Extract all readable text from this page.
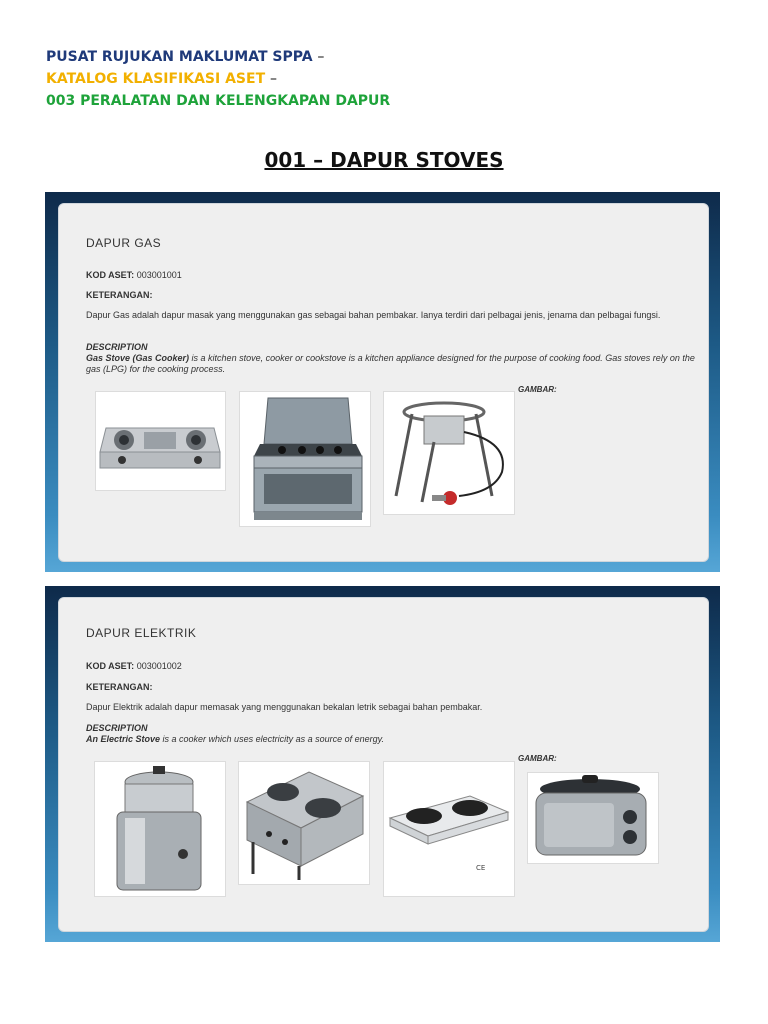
PUSAT RUJUKAN MAKLUMAT SPPA –
KATALOG KLASIFIKASI ASET –
003 PERALATAN DAN KELENGKAPAN DAPUR
001 – DAPUR STOVES
DAPUR GAS
KOD ASET: 003001001
KETERANGAN:
Dapur Gas adalah dapur masak yang menggunakan gas sebagai bahan pembakar. Ianya terdiri dari pelbagai jenis, jenama dan pelbagai fungsi.
DESCRIPTION
Gas Stove (Gas Cooker) is a kitchen stove, cooker or cookstove is a kitchen appliance designed for the purpose of cooking food. Gas stoves rely on the gas (LPG) for the cooking process.
GAMBAR:
DAPUR ELEKTRIK
KOD ASET: 003001002
KETERANGAN:
Dapur Elektrik adalah dapur memasak yang menggunakan bekalan letrik sebagai bahan pembakar.
DESCRIPTION
An Electric Stove is a cooker which uses electricity as a source of energy.
GAMBAR:
CE
